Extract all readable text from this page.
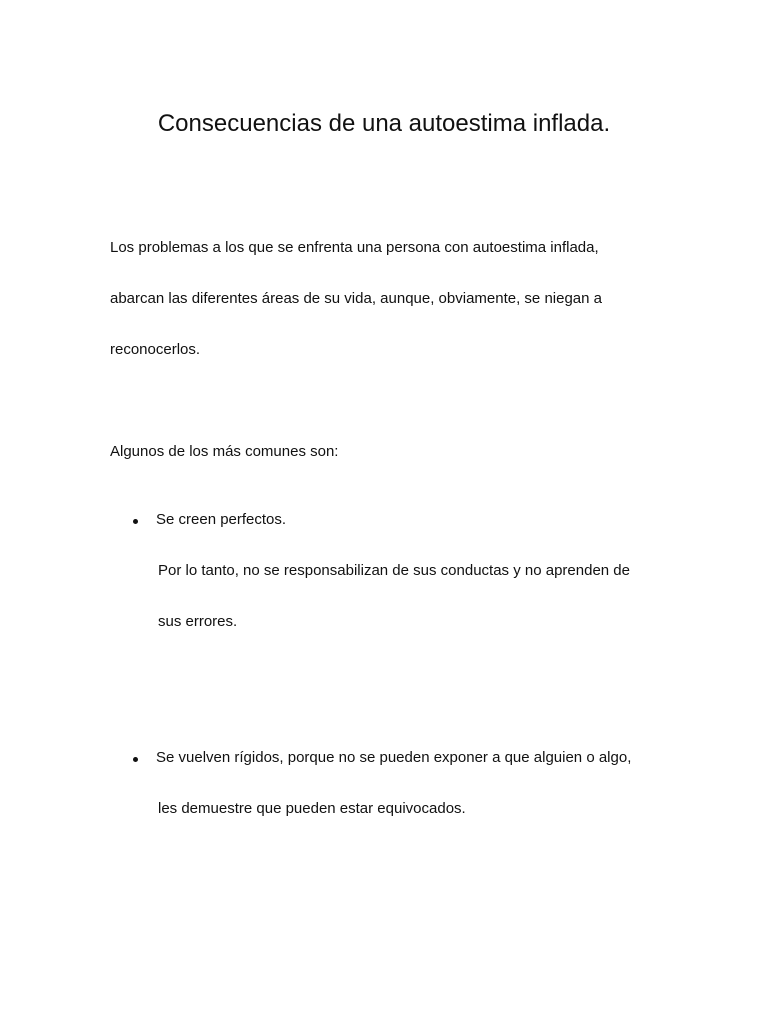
Consecuencias de una autoestima inflada.

Los problemas a los que se enfrenta una persona con autoestima inflada,

abarcan las diferentes áreas de su vida, aunque, obviamente, se niegan a

reconocerlos.

Algunos de los más comunes son:

Se creen perfectos.

Por lo tanto, no se responsabilizan de sus conductas y no aprenden de

sus errores.

Se vuelven rígidos, porque no se pueden exponer a que alguien o algo,

les demuestre que pueden estar equivocados.
